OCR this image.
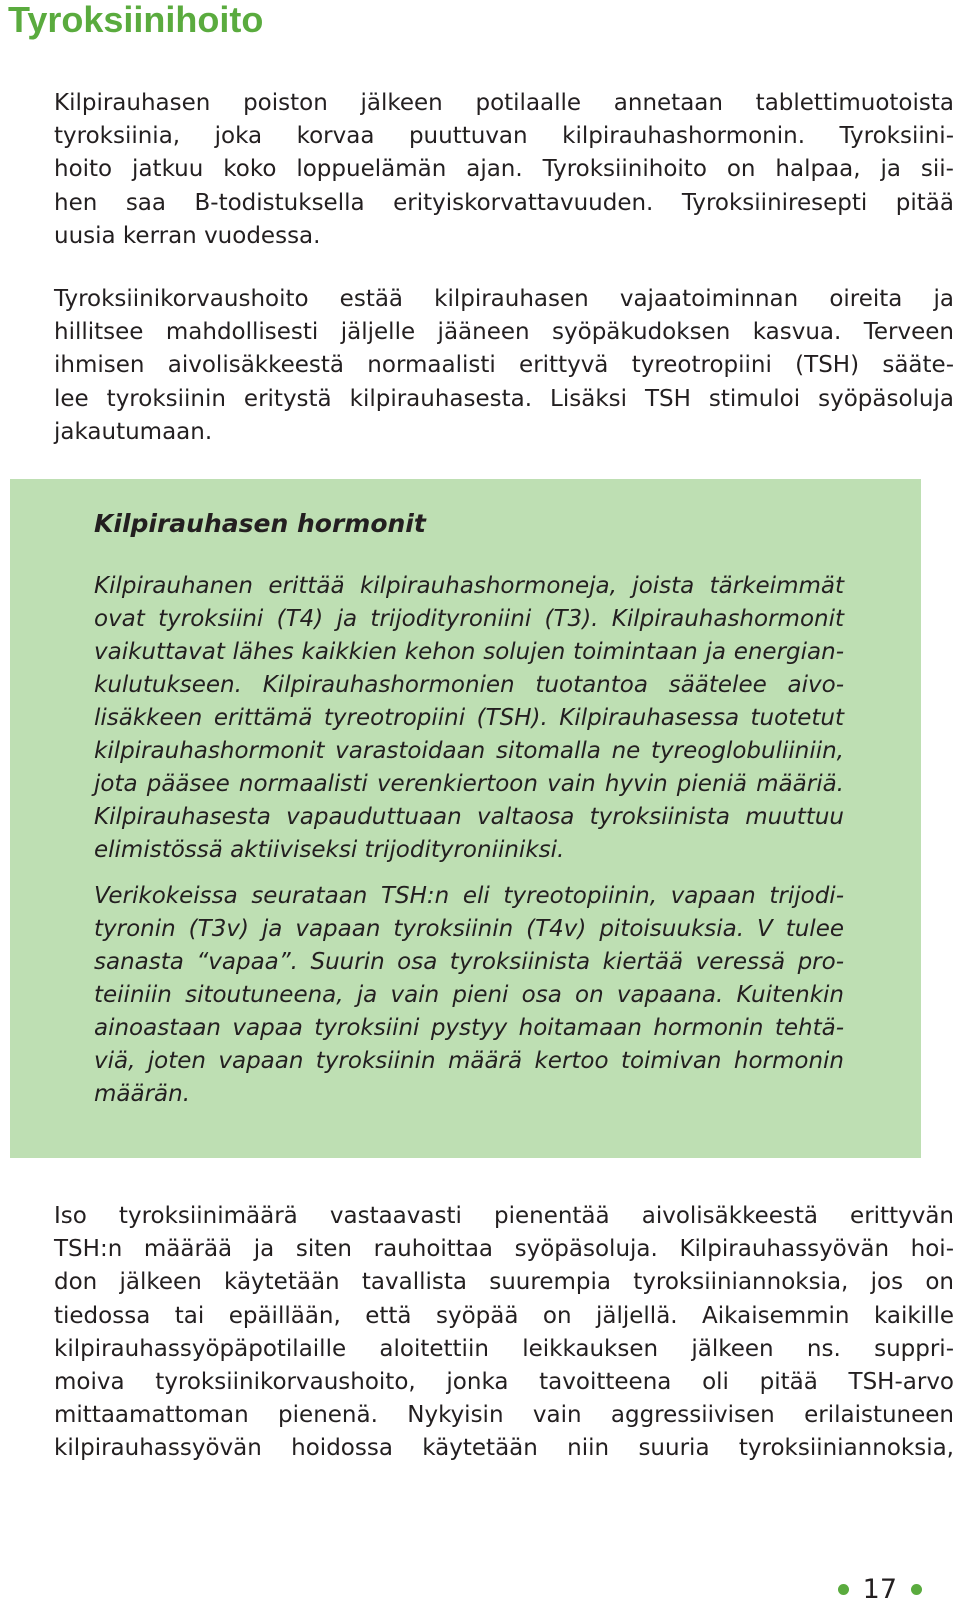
Tyroksiinihoito
Kilpirauhasen poiston jälkeen potilaalle annetaan tablettimuotoista
tyroksiinia, joka korvaa puuttuvan kilpirauhashormonin. Tyroksiini-
hoito jatkuu koko loppuelämän ajan. Tyroksiinihoito on halpaa, ja sii-
hen saa B-todistuksella erityiskorvattavuuden. Tyroksiiniresepti pitää
uusia kerran vuodessa.
Tyroksiinikorvaushoito estää kilpirauhasen vajaatoiminnan oireita ja
hillitsee mahdollisesti jäljelle jääneen syöpäkudoksen kasvua. Terveen
ihmisen aivolisäkkeestä normaalisti erittyvä tyreotropiini (TSH) sääte-
lee tyroksiinin eritystä kilpirauhasesta. Lisäksi TSH stimuloi syöpäsoluja
jakautumaan.
Kilpirauhasen hormonit
Kilpirauhanen erittää kilpirauhashormoneja, joista tärkeimmät
ovat tyroksiini (T4) ja trijodityroniini (T3). Kilpirauhashormonit
vaikuttavat lähes kaikkien kehon solujen toimintaan ja energian-
kulutukseen. Kilpirauhashormonien tuotantoa säätelee aivo-
lisäkkeen erittämä tyreotropiini (TSH). Kilpirauhasessa tuotetut
kilpirauhashormonit varastoidaan sitomalla ne tyreoglobuliiniin,
jota pääsee normaalisti verenkiertoon vain hyvin pieniä määriä.
Kilpirauhasesta vapauduttuaan valtaosa tyroksiinista muuttuu
elimistössä aktiiviseksi trijodityroniiniksi.
Verikokeissa seurataan TSH:n eli tyreotopiinin, vapaan trijodi-
tyronin (T3v) ja vapaan tyroksiinin (T4v) pitoisuuksia. V tulee
sanasta “vapaa”. Suurin osa tyroksiinista kiertää veressä pro-
teiiniin sitoutuneena, ja vain pieni osa on vapaana. Kuitenkin
ainoastaan vapaa tyroksiini pystyy hoitamaan hormonin tehtä-
viä, joten vapaan tyroksiinin määrä kertoo toimivan hormonin
määrän.
Iso tyroksiinimäärä vastaavasti pienentää aivolisäkkeestä erittyvän
TSH:n määrää ja siten rauhoittaa syöpäsoluja. Kilpirauhassyövän hoi-
don jälkeen käytetään tavallista suurempia tyroksiiniannoksia, jos on
tiedossa tai epäillään, että syöpää on jäljellä. Aikaisemmin kaikille
kilpirauhassyöpäpotilaille aloitettiin leikkauksen jälkeen ns. suppri-
moiva tyroksiinikorvaushoito, jonka tavoitteena oli pitää TSH-arvo
mittaamattoman pienenä. Nykyisin vain aggressiivisen erilaistuneen
kilpirauhassyövän hoidossa käytetään niin suuria tyroksiiniannoksia,
17
